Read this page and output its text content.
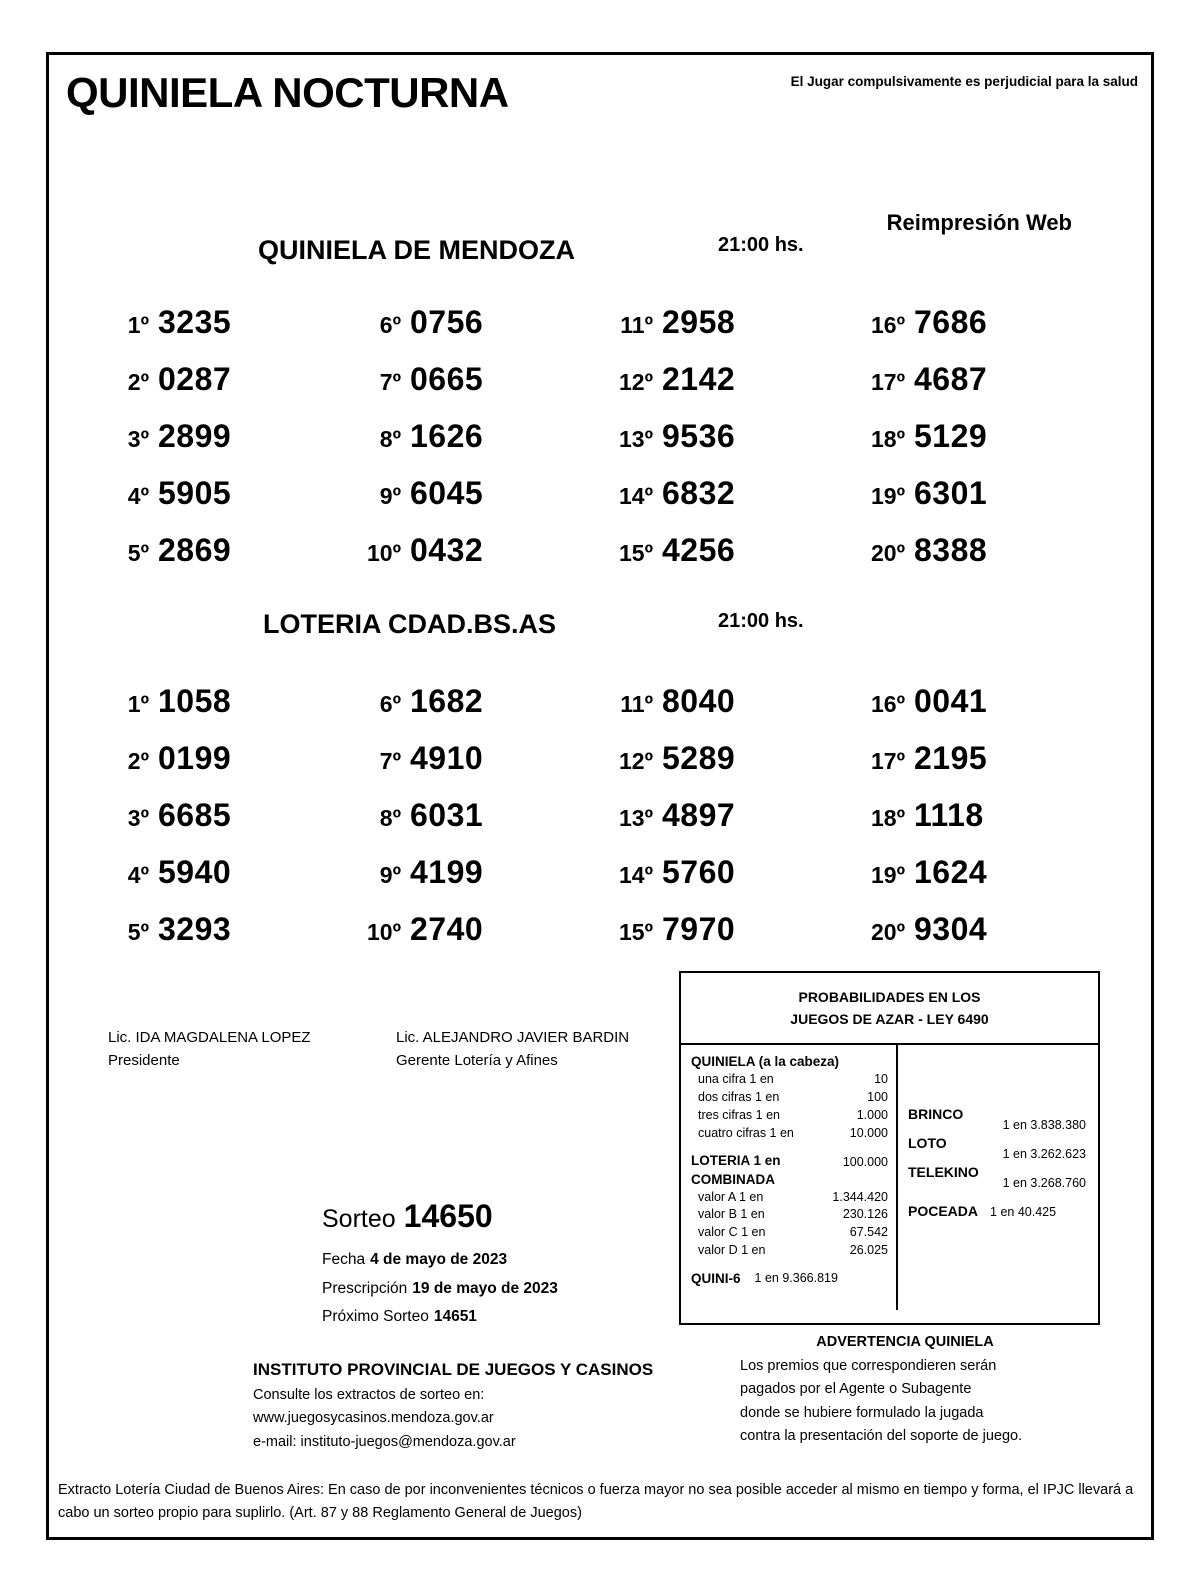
QUINIELA NOCTURNA	El Jugar compulsivamente es perjudicial para la salud
Reimpresión Web
QUINIELA DE MENDOZA	21:00 hs.
1º 3235	6º 0756	11º 2958	16º 7686
2º 0287	7º 0665	12º 2142	17º 4687
3º 2899	8º 1626	13º 9536	18º 5129
4º 5905	9º 6045	14º 6832	19º 6301
5º 2869	10º 0432	15º 4256	20º 8388
LOTERIA CDAD.BS.AS	21:00 hs.
1º 1058	6º 1682	11º 8040	16º 0041
2º 0199	7º 4910	12º 5289	17º 2195
3º 6685	8º 6031	13º 4897	18º 1118
4º 5940	9º 4199	14º 5760	19º 1624
5º 3293	10º 2740	15º 7970	20º 9304
Lic. IDA MAGDALENA LOPEZ
Presidente
Lic. ALEJANDRO JAVIER BARDIN
Gerente Lotería y Afines
Sorteo 14650
Fecha 4 de mayo de 2023
Prescripción 19 de mayo de 2023
Próximo Sorteo 14651
PROBABILIDADES EN LOS
JUEGOS DE AZAR - LEY 6490
QUINIELA (a la cabeza)
una cifra 1 en	10
dos cifras 1 en	100
tres cifras 1 en	1.000
cuatro cifras 1 en	10.000
LOTERIA 1 en	100.000
COMBINADA
valor A 1 en	1.344.420
valor B 1 en	230.126
valor C 1 en	67.542
valor D 1 en	26.025
QUINI-6 1 en 9.366.819
BRINCO
1 en 3.838.380
LOTO
1 en 3.262.623
TELEKINO
1 en 3.268.760
POCEADA 1 en 40.425
ADVERTENCIA QUINIELA
Los premios que correspondieren serán
pagados por el Agente o Subagente
donde se hubiere formulado la jugada
contra la presentación del soporte de juego.
INSTITUTO PROVINCIAL DE JUEGOS Y CASINOS
Consulte los extractos de sorteo en:
www.juegosycasinos.mendoza.gov.ar
e-mail: instituto-juegos@mendoza.gov.ar
Extracto Lotería Ciudad de Buenos Aires: En caso de por inconvenientes técnicos o fuerza mayor no sea posible acceder al mismo en tiempo y forma, el IPJC llevará a cabo un sorteo propio para suplirlo. (Art. 87 y 88 Reglamento General de Juegos)
